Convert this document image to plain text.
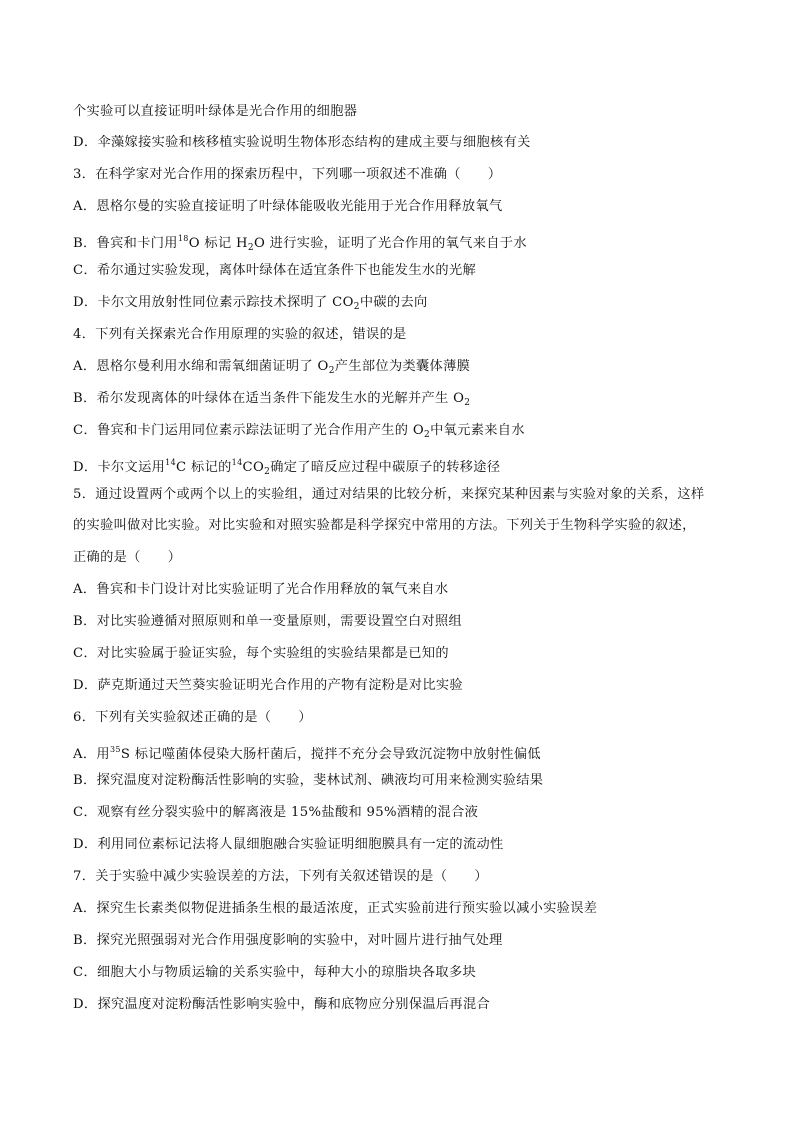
个实验可以直接证明叶绿体是光合作用的细胞器
D．伞藻嫁接实验和核移植实验说明生物体形态结构的建成主要与细胞核有关
3．在科学家对光合作用的探索历程中，下列哪一项叙述不准确（　　）
A．恩格尔曼的实验直接证明了叶绿体能吸收光能用于光合作用释放氧气
B．鲁宾和卡门用$^{18}$O 标记 $H_2O$ 进行实验，证明了光合作用的氧气来自于水
C．希尔通过实验发现，离体叶绿体在适宜条件下也能发生水的光解
D．卡尔文用放射性同位素示踪技术探明了 $CO_2$中碳的去向
4．下列有关探索光合作用原理的实验的叙述，错误的是
A．恩格尔曼利用水绵和需氧细菌证明了 $O_2$产生部位为类囊体薄膜
B．希尔发现离体的叶绿体在适当条件下能发生水的光解并产生 $O_2$
C．鲁宾和卡门运用同位素示踪法证明了光合作用产生的 $O_2$中氧元素来自水
D．卡尔文运用$^{14}$C 标记的$^{14}CO_2$确定了暗反应过程中碳原子的转移途径
5．通过设置两个或两个以上的实验组，通过对结果的比较分析，来探究某种因素与实验对象的关系，这样
的实验叫做对比实验。对比实验和对照实验都是科学探究中常用的方法。下列关于生物科学实验的叙述，
正确的是（　　）
A．鲁宾和卡门设计对比实验证明了光合作用释放的氧气来自水
B．对比实验遵循对照原则和单一变量原则，需要设置空白对照组
C．对比实验属于验证实验，每个实验组的实验结果都是已知的
D．萨克斯通过天竺葵实验证明光合作用的产物有淀粉是对比实验
6．下列有关实验叙述正确的是（　　）
A．用$^{35}$S 标记噬菌体侵染大肠杆菌后，搅拌不充分会导致沉淀物中放射性偏低
B．探究温度对淀粉酶活性影响的实验，斐林试剂、碘液均可用来检测实验结果
C．观察有丝分裂实验中的解离液是 15%盐酸和 95%酒精的混合液
D．利用同位素标记法将人鼠细胞融合实验证明细胞膜具有一定的流动性
7．关于实验中减少实验误差的方法，下列有关叙述错误的是（　　）
A．探究生长素类似物促进插条生根的最适浓度，正式实验前进行预实验以减小实验误差
B．探究光照强弱对光合作用强度影响的实验中，对叶圆片进行抽气处理
C．细胞大小与物质运输的关系实验中，每种大小的琼脂块各取多块
D．探究温度对淀粉酶活性影响实验中，酶和底物应分别保温后再混合
